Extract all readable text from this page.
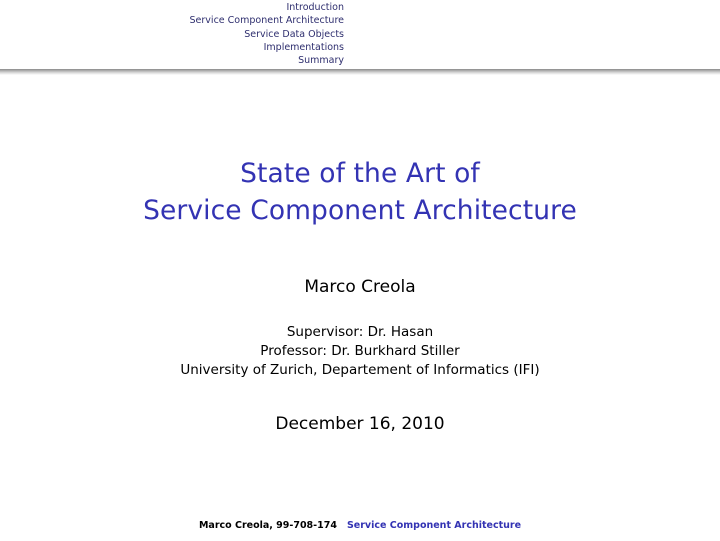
Introduction
Service Component Architecture
Service Data Objects
Implementations
Summary
State of the Art of
Service Component Architecture
Marco Creola
Supervisor: Dr. Hasan
Professor: Dr. Burkhard Stiller
University of Zurich, Departement of Informatics (IFI)
December 16, 2010
Marco Creola, 99-708-174 Service Component Architecture
